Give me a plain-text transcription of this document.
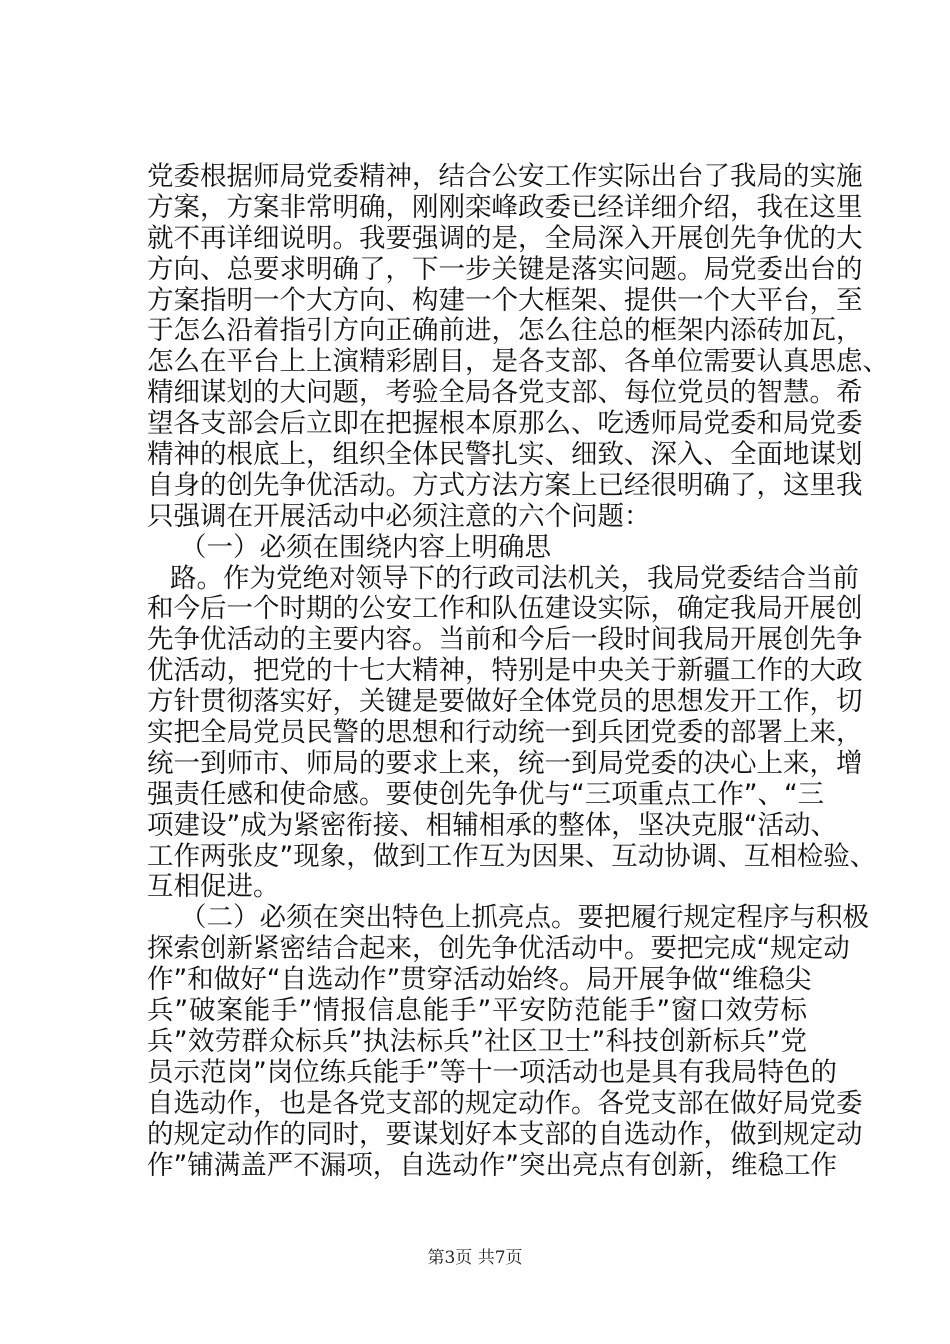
党委根据师局党委精神，结合公安工作实际出台了我局的实施
方案，方案非常明确，刚刚栾峰政委已经详细介绍，我在这里
就不再详细说明。我要强调的是，全局深入开展创先争优的大
方向、总要求明确了，下一步关键是落实问题。局党委出台的
方案指明一个大方向、构建一个大框架、提供一个大平台，至
于怎么沿着指引方向正确前进，怎么往总的框架内添砖加瓦，
怎么在平台上上演精彩剧目，是各支部、各单位需要认真思虑、
精细谋划的大问题，考验全局各党支部、每位党员的智慧。希
望各支部会后立即在把握根本原那么、吃透师局党委和局党委
精神的根底上，组织全体民警扎实、细致、深入、全面地谋划
自身的创先争优活动。方式方法方案上已经很明确了，这里我
只强调在开展活动中必须注意的六个问题：
（一）必须在围绕内容上明确思
路。作为党绝对领导下的行政司法机关，我局党委结合当前
和今后一个时期的公安工作和队伍建设实际，确定我局开展创
先争优活动的主要内容。当前和今后一段时间我局开展创先争
优活动，把党的十七大精神，特别是中央关于新疆工作的大政
方针贯彻落实好，关键是要做好全体党员的思想发开工作，切
实把全局党员民警的思想和行动统一到兵团党委的部署上来，
统一到师市、师局的要求上来，统一到局党委的决心上来，增
强责任感和使命感。要使创先争优与“三项重点工作”、“三
项建设”成为紧密衔接、相辅相承的整体，坚决克服“活动、
工作两张皮”现象，做到工作互为因果、互动协调、互相检验、
互相促进。
（二）必须在突出特色上抓亮点。要把履行规定程序与积极
探索创新紧密结合起来，创先争优活动中。要把完成“规定动
作”和做好“自选动作”贯穿活动始终。局开展争做“维稳尖
兵”破案能手”情报信息能手”平安防范能手”窗口效劳标
兵”效劳群众标兵”执法标兵”社区卫士”科技创新标兵”党
员示范岗”岗位练兵能手”等十一项活动也是具有我局特色的
自选动作，也是各党支部的规定动作。各党支部在做好局党委
的规定动作的同时，要谋划好本支部的自选动作，做到规定动
作”铺满盖严不漏项，自选动作”突出亮点有创新，维稳工作
第3页 共7页
